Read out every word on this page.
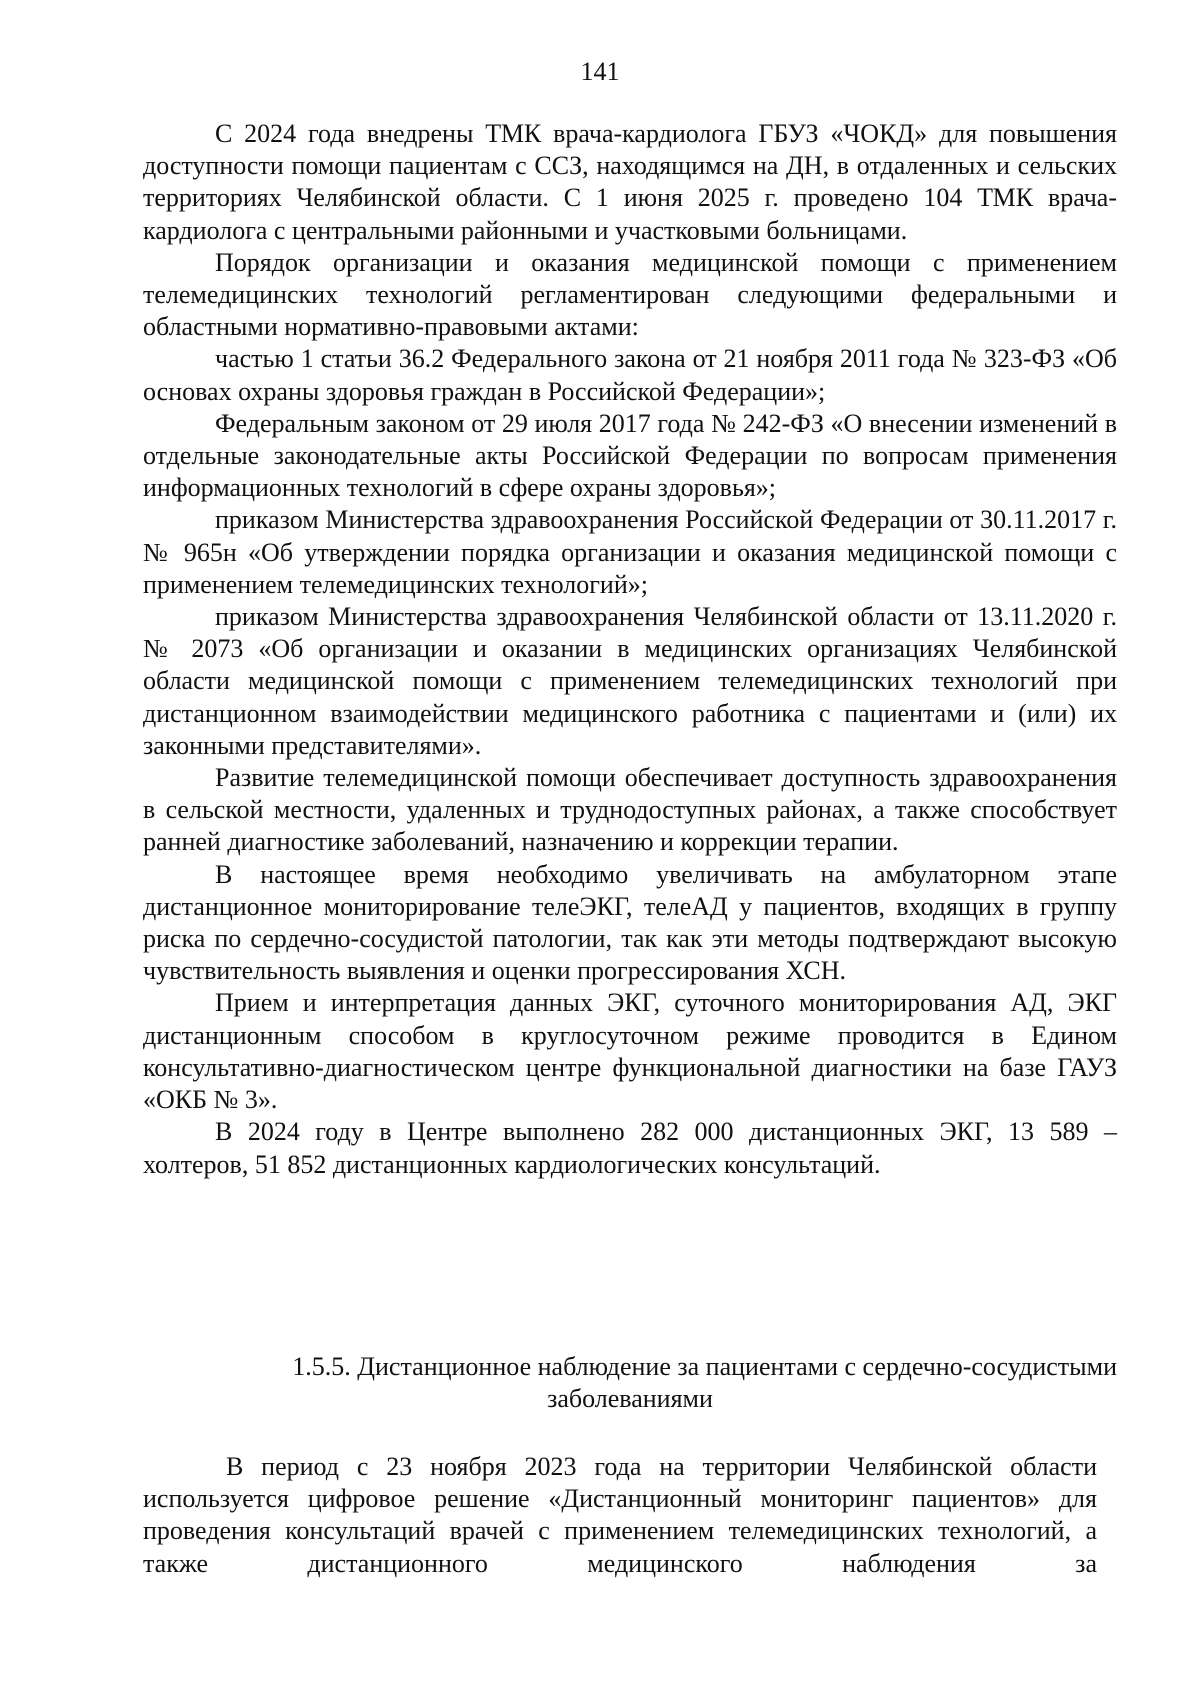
141

С 2024 года внедрены ТМК врача-кардиолога ГБУЗ «ЧОКД» для повышения доступности помощи пациентам с ССЗ, находящимся на ДН, в отдаленных и сельских территориях Челябинской области. С 1 июня 2025 г. проведено 104 ТМК врача-кардиолога с центральными районными и участковыми больницами.

Порядок организации и оказания медицинской помощи с применением телемедицинских технологий регламентирован следующими федеральными и областными нормативно-правовыми актами:

частью 1 статьи 36.2 Федерального закона от 21 ноября 2011 года № 323-ФЗ «Об основах охраны здоровья граждан в Российской Федерации»;

Федеральным законом от 29 июля 2017 года № 242-ФЗ «О внесении изменений в отдельные законодательные акты Российской Федерации по вопросам применения информационных технологий в сфере охраны здоровья»;

приказом Министерства здравоохранения Российской Федерации от 30.11.2017 г. № 965н «Об утверждении порядка организации и оказания медицинской помощи с применением телемедицинских технологий»;

приказом Министерства здравоохранения Челябинской области от 13.11.2020 г. № 2073 «Об организации и оказании в медицинских организациях Челябинской области медицинской помощи с применением телемедицинских технологий при дистанционном взаимодействии медицинского работника с пациентами и (или) их законными представителями».

Развитие телемедицинской помощи обеспечивает доступность здравоохранения в сельской местности, удаленных и труднодоступных районах, а также способствует ранней диагностике заболеваний, назначению и коррекции терапии.

В настоящее время необходимо увеличивать на амбулаторном этапе дистанционное мониторирование телеЭКГ, телеАД у пациентов, входящих в группу риска по сердечно-сосудистой патологии, так как эти методы подтверждают высокую чувствительность выявления и оценки прогрессирования ХСН.

Прием и интерпретация данных ЭКГ, суточного мониторирования АД, ЭКГ дистанционным способом в круглосуточном режиме проводится в Едином консультативно-диагностическом центре функциональной диагностики на базе ГАУЗ «ОКБ № 3».

В 2024 году в Центре выполнено 282 000 дистанционных ЭКГ, 13 589 – холтеров, 51 852 дистанционных кардиологических консультаций.

1.5.5. Дистанционное наблюдение за пациентами с сердечно-сосудистыми
заболеваниями

В период с 23 ноября 2023 года на территории Челябинской области используется цифровое решение «Дистанционный мониторинг пациентов» для проведения консультаций врачей с применением телемедицинских технологий, а также дистанционного медицинского наблюдения за
